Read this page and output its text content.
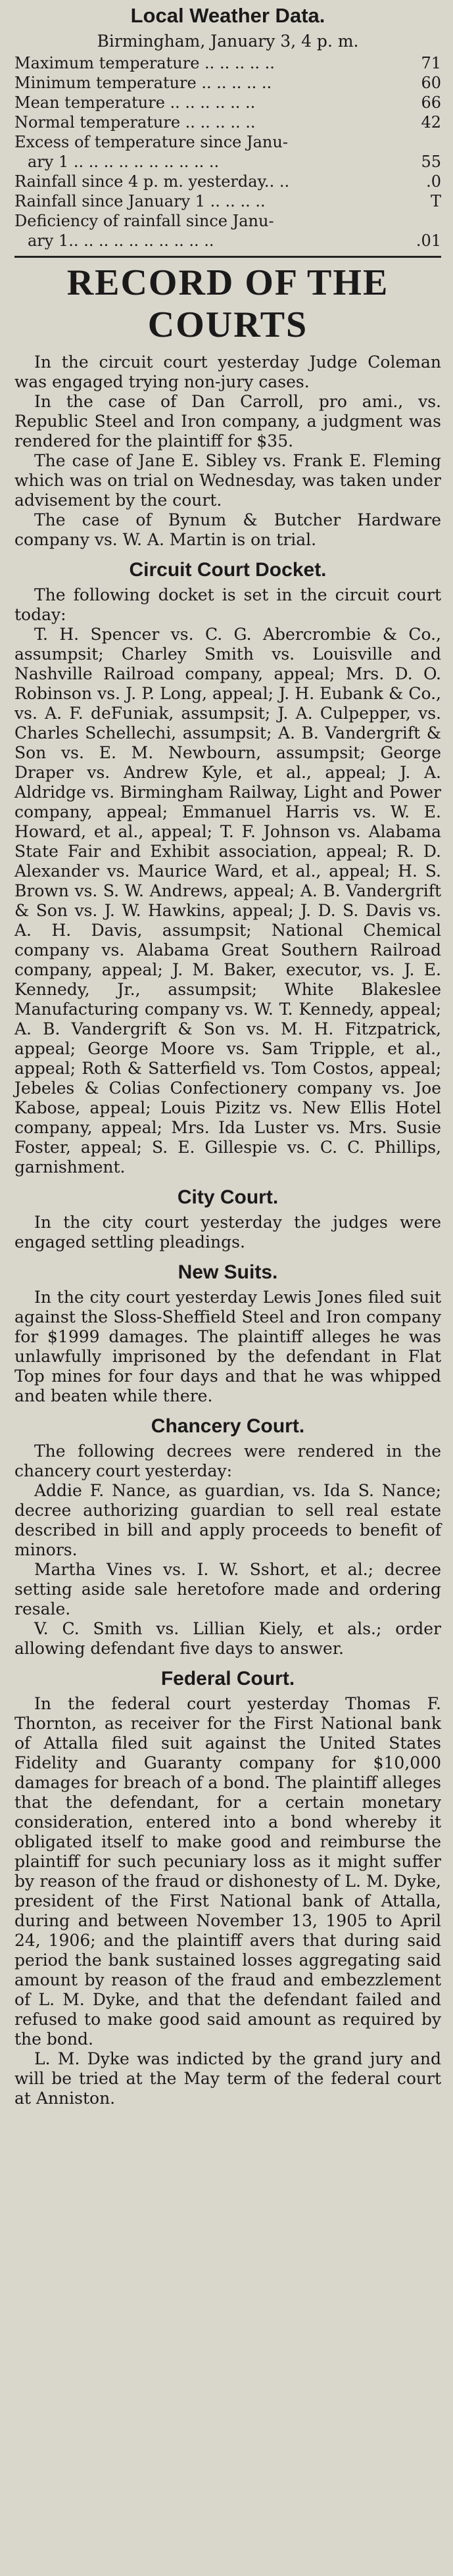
Local Weather Data.
Birmingham, January 3, 4 p. m.
Maximum temperature .. .. .. .. ..	71
Minimum temperature .. .. .. .. ..	60
Mean temperature .. .. .. .. .. ..	66
Normal temperature .. .. .. .. ..	42
Excess of temperature since Janu-
ary 1 .. .. .. .. .. .. .. .. .. ..	55
Rainfall since 4 p. m. yesterday.. ..	.0
Rainfall since January 1 .. .. .. ..	T
Deficiency of rainfall since Janu-
ary 1.. .. .. .. .. .. .. .. .. ..	.01
RECORD OF THE COURTS

In the circuit court yesterday Judge Coleman was engaged trying non-jury cases.

In the case of Dan Carroll, pro ami., vs. Republic Steel and Iron company, a judgment was rendered for the plaintiff for $35.

The case of Jane E. Sibley vs. Frank E. Fleming which was on trial on Wednesday, was taken under advisement by the court.

The case of Bynum & Butcher Hardware company vs. W. A. Martin is on trial.

Circuit Court Docket.

The following docket is set in the circuit court today:

T. H. Spencer vs. C. G. Abercrombie & Co., assumpsit; Charley Smith vs. Louisville and Nashville Railroad company, appeal; Mrs. D. O. Robinson vs. J. P. Long, appeal; J. H. Eubank & Co., vs. A. F. deFuniak, assumpsit; J. A. Culpepper, vs. Charles Schellechi, assumpsit; A. B. Vandergrift & Son vs. E. M. Newbourn, assumpsit; George Draper vs. Andrew Kyle, et al., appeal; J. A. Aldridge vs. Birmingham Railway, Light and Power company, appeal; Emmanuel Harris vs. W. E. Howard, et al., appeal; T. F. Johnson vs. Alabama State Fair and Exhibit association, appeal; R. D. Alexander vs. Maurice Ward, et al., appeal; H. S. Brown vs. S. W. Andrews, appeal; A. B. Vandergrift & Son vs. J. W. Hawkins, appeal; J. D. S. Davis vs. A. H. Davis, assumpsit; National Chemical company vs. Alabama Great Southern Railroad company, appeal; J. M. Baker, executor, vs. J. E. Kennedy, Jr., assumpsit; White Blakeslee Manufacturing company vs. W. T. Kennedy, appeal; A. B. Vandergrift & Son vs. M. H. Fitzpatrick, appeal; George Moore vs. Sam Tripple, et al., appeal; Roth & Satterfield vs. Tom Costos, appeal; Jebeles & Colias Confectionery company vs. Joe Kabose, appeal; Louis Pizitz vs. New Ellis Hotel company, appeal; Mrs. Ida Luster vs. Mrs. Susie Foster, appeal; S. E. Gillespie vs. C. C. Phillips, garnishment.

City Court.

In the city court yesterday the judges were engaged settling pleadings.

New Suits.

In the city court yesterday Lewis Jones filed suit against the Sloss-Sheffield Steel and Iron company for $1999 damages. The plaintiff alleges he was unlawfully imprisoned by the defendant in Flat Top mines for four days and that he was whipped and beaten while there.

Chancery Court.

The following decrees were rendered in the chancery court yesterday:

Addie F. Nance, as guardian, vs. Ida S. Nance; decree authorizing guardian to sell real estate described in bill and apply proceeds to benefit of minors.

Martha Vines vs. I. W. Sshort, et al.; decree setting aside sale heretofore made and ordering resale.

V. C. Smith vs. Lillian Kiely, et als.; order allowing defendant five days to answer.

Federal Court.

In the federal court yesterday Thomas F. Thornton, as receiver for the First National bank of Attalla filed suit against the United States Fidelity and Guaranty company for $10,000 damages for breach of a bond. The plaintiff alleges that the defendant, for a certain monetary consideration, entered into a bond whereby it obligated itself to make good and reimburse the plaintiff for such pecuniary loss as it might suffer by reason of the fraud or dishonesty of L. M. Dyke, president of the First National bank of Attalla, during and between November 13, 1905 to April 24, 1906; and the plaintiff avers that during said period the bank sustained losses aggregating said amount by reason of the fraud and embezzlement of L. M. Dyke, and that the defendant failed and refused to make good said amount as required by the bond.

L. M. Dyke was indicted by the grand jury and will be tried at the May term of the federal court at Anniston.
